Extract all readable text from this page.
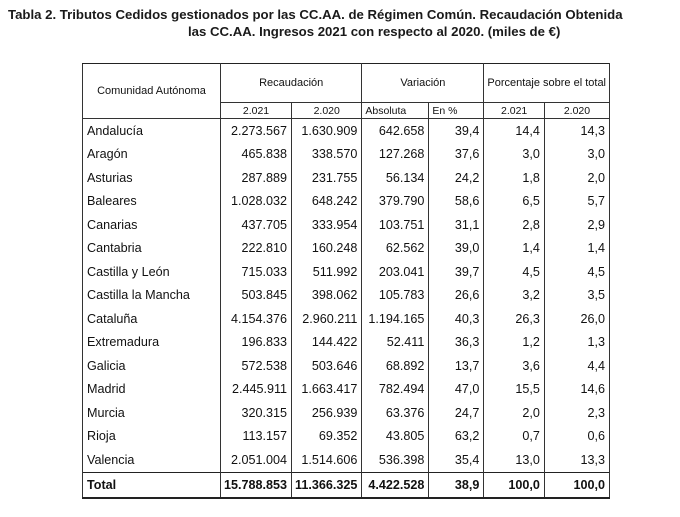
Tabla 2. Tributos Cedidos gestionados por las CC.AA. de Régimen Común. Recaudación Obtenida
las CC.AA. Ingresos 2021 con respecto al 2020. (miles de €)
Comunidad Autónoma	Recaudación		Variación		Porcentaje sobre el total	
	2.021	2.020	Absoluta	En %	2.021	2.020
Andalucía	2.273.567	1.630.909	642.658	39,4	14,4	14,3
Aragón	465.838	338.570	127.268	37,6	3,0	3,0
Asturias	287.889	231.755	56.134	24,2	1,8	2,0
Baleares	1.028.032	648.242	379.790	58,6	6,5	5,7
Canarias	437.705	333.954	103.751	31,1	2,8	2,9
Cantabria	222.810	160.248	62.562	39,0	1,4	1,4
Castilla y León	715.033	511.992	203.041	39,7	4,5	4,5
Castilla la Mancha	503.845	398.062	105.783	26,6	3,2	3,5
Cataluña	4.154.376	2.960.211	1.194.165	40,3	26,3	26,0
Extremadura	196.833	144.422	52.411	36,3	1,2	1,3
Galicia	572.538	503.646	68.892	13,7	3,6	4,4
Madrid	2.445.911	1.663.417	782.494	47,0	15,5	14,6
Murcia	320.315	256.939	63.376	24,7	2,0	2,3
Rioja	113.157	69.352	43.805	63,2	0,7	0,6
Valencia	2.051.004	1.514.606	536.398	35,4	13,0	13,3
Total	15.788.853	11.366.325	4.422.528	38,9	100,0	100,0
